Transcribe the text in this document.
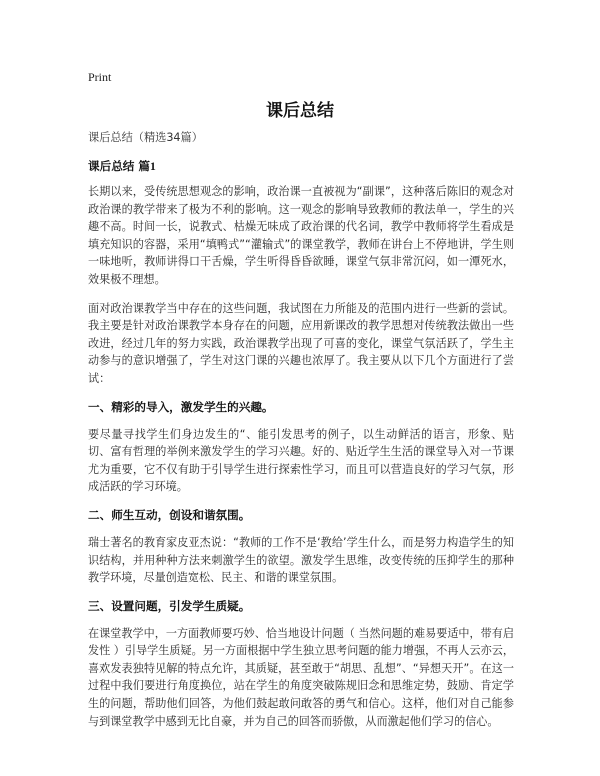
Print
课后总结

课后总结（精选34篇）

课后总结 篇1

长期以来，受传统思想观念的影响，政治课一直被视为“副课”，这种落后陈旧的观念对政治课的教学带来了极为不利的影响。这一观念的影响导致教师的教法单一，学生的兴趣不高。时间一长，说教式、枯燥无味成了政治课的代名词，教学中教师将学生看成是填充知识的容器，采用“填鸭式”“灌输式”的课堂教学，教师在讲台上不停地讲，学生则一味地听，教师讲得口干舌燥，学生听得昏昏欲睡，课堂气氛非常沉闷，如一潭死水，效果极不理想。

面对政治课教学当中存在的这些问题，我试图在力所能及的范围内进行一些新的尝试。我主要是针对政治课教学本身存在的问题，应用新课改的教学思想对传统教法做出一些改进，经过几年的努力实践，政治课教学出现了可喜的变化，课堂气氛活跃了，学生主动参与的意识增强了，学生对这门课的兴趣也浓厚了。我主要从以下几个方面进行了尝试：

一、精彩的导入，激发学生的兴趣。

要尽量寻找学生们身边发生的“、能引发思考的例子，以生动鲜活的语言，形象、贴切、富有哲理的举例来激发学生的学习兴趣。好的、贴近学生生活的课堂导入对一节课尤为重要，它不仅有助于引导学生进行探索性学习，而且可以营造良好的学习气氛，形成活跃的学习环境。

二、师生互动，创设和谐氛围。

瑞士著名的教育家皮亚杰说：“教师的工作不是‘教给’学生什么，而是努力构造学生的知识结构，并用种种方法来刺激学生的欲望。激发学生思维，改变传统的压抑学生的那种教学环境，尽量创造宽松、民主、和谐的课堂氛围。

三、设置问题，引发学生质疑。

在课堂教学中，一方面教师要巧妙、恰当地设计问题（ 当然问题的难易要适中，带有启发性 ）引导学生质疑。另一方面根据中学生独立思考问题的能力增强，不再人云亦云，喜欢发表独特见解的特点允许，其质疑，甚至敢于“胡思、乱想”、“异想天开”。在这一过程中我们要进行角度换位，站在学生的角度突破陈规旧念和思维定势，鼓励、肯定学生的问题，帮助他们回答，为他们鼓起敢问敢答的勇气和信心。这样，他们对自己能参与到课堂教学中感到无比自豪，并为自己的回答而骄傲，从而激起他们学习的信心。
